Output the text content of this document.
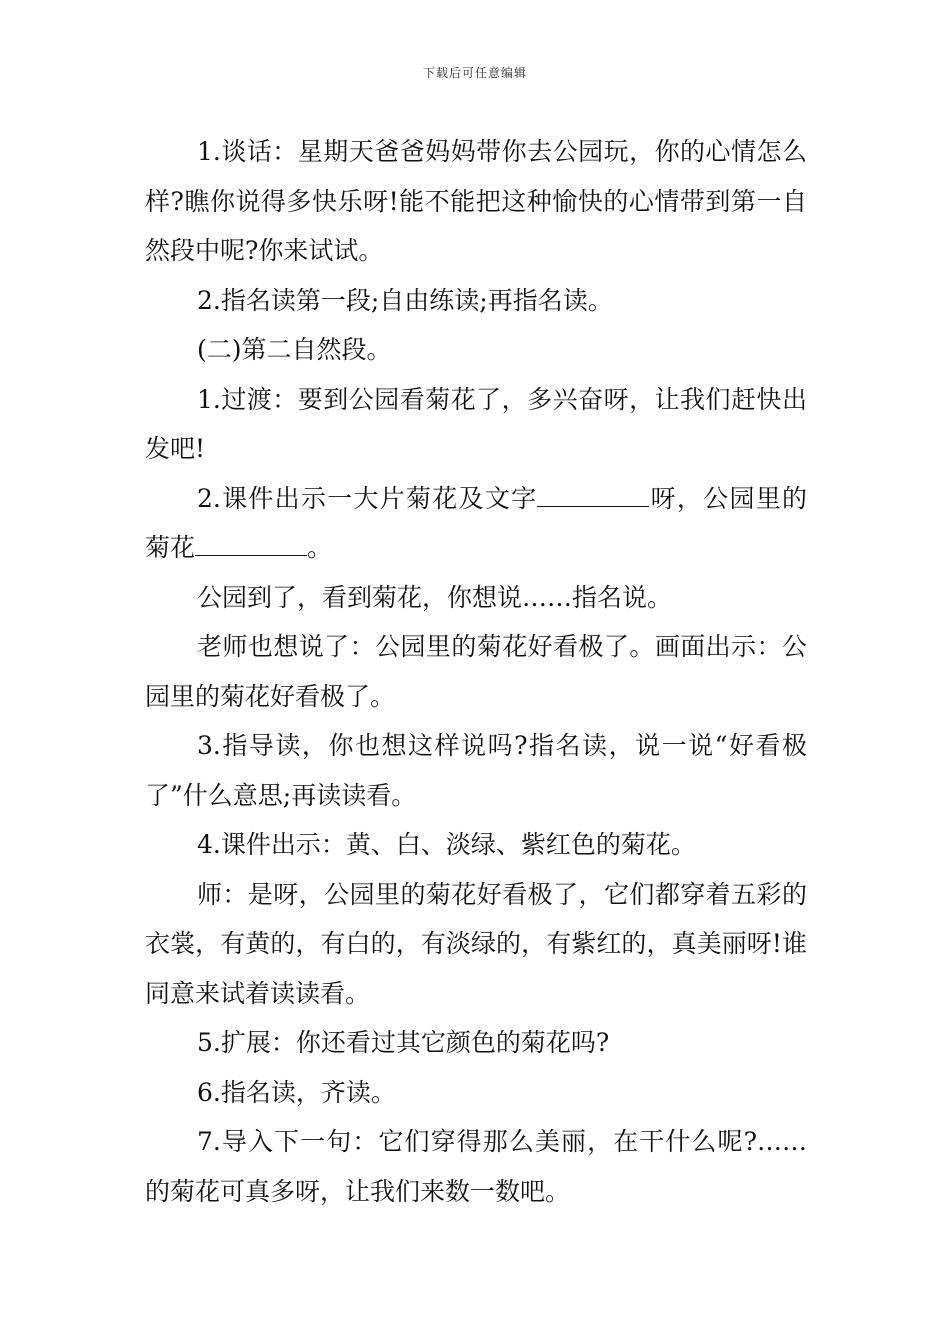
下载后可任意编辑

1.谈话：星期天爸爸妈妈带你去公园玩，你的心情怎么样?瞧你说得多快乐呀!能不能把这种愉快的心情带到第一自然段中呢?你来试试。

2.指名读第一段;自由练读;再指名读。

(二)第二自然段。

1.过渡：要到公园看菊花了，多兴奋呀，让我们赶快出发吧!

2.课件出示一大片菊花及文字	呀，公园里的菊花	。

公园到了，看到菊花，你想说……指名说。

老师也想说了：公园里的菊花好看极了。画面出示：公园里的菊花好看极了。

3.指导读，你也想这样说吗?指名读，说一说“好看极了”什么意思;再读读看。

4.课件出示：黄、白、淡绿、紫红色的菊花。

师：是呀，公园里的菊花好看极了，它们都穿着五彩的衣裳，有黄的，有白的，有淡绿的，有紫红的，真美丽呀!谁同意来试着读读看。

5.扩展：你还看过其它颜色的菊花吗?

6.指名读，齐读。

7.导入下一句：它们穿得那么美丽，在干什么呢?……的菊花可真多呀，让我们来数一数吧。
